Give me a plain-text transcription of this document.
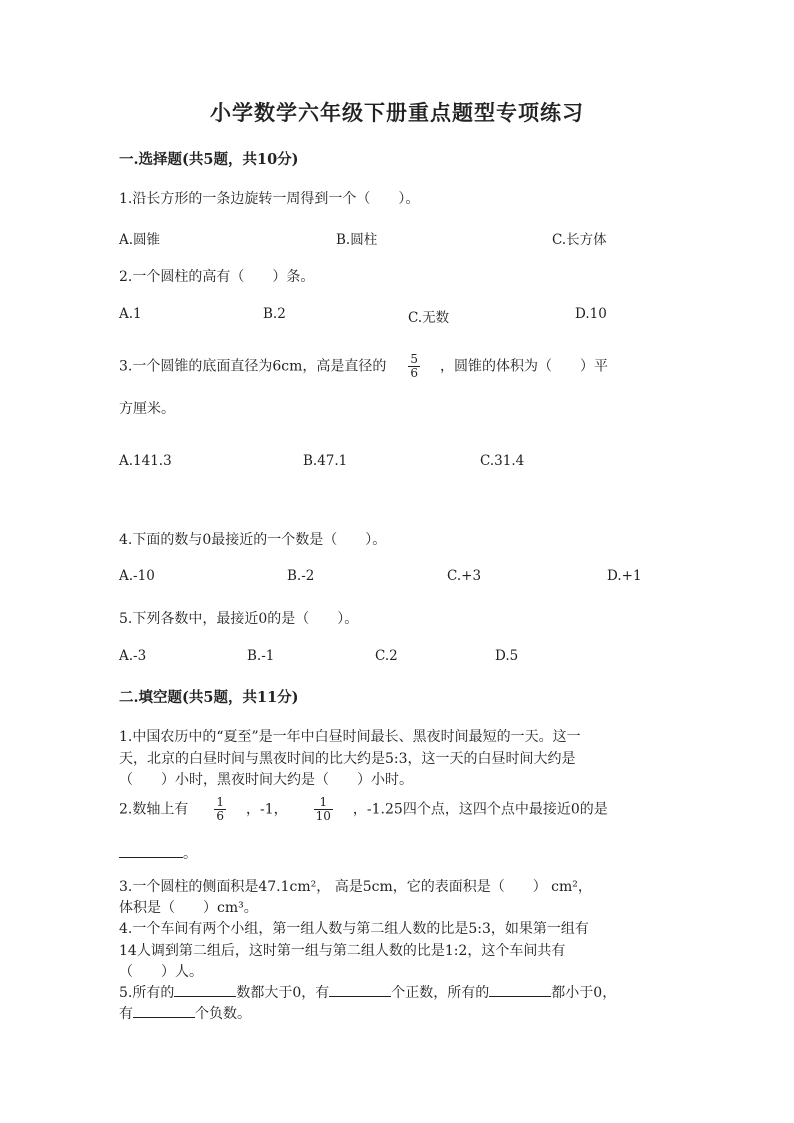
小学数学六年级下册重点题型专项练习
一.选择题(共5题，共10分)
1.沿长方形的一条边旋转一周得到一个（　　）。
A.圆锥	B.圆柱	C.长方体
2.一个圆柱的高有（　　）条。
A.1	B.2	C.无数	D.10
3.一个圆锥的底面直径为6cm，高是直径的 $\frac{5}{6}$ ，圆锥的体积为（　　）平
方厘米。
A.141.3	B.47.1	C.31.4
4.下面的数与0最接近的一个数是（　　）。
A.-10	B.-2	C.+3	D.+1
5.下列各数中，最接近0的是（　　）。
A.-3	B.-1	C.2	D.5
二.填空题(共5题，共11分)
1.中国农历中的“夏至”是一年中白昼时间最长、黑夜时间最短的一天。这一
天，北京的白昼时间与黑夜时间的比大约是5:3，这一天的白昼时间大约是
（　　）小时，黑夜时间大约是（　　）小时。
2.数轴上有 $\frac{1}{6}$ ，-1， $\frac{1}{10}$ ，-1.25四个点，这四个点中最接近0的是
。
3.一个圆柱的侧面积是47.1cm²， 高是5cm，它的表面积是（　　） cm²，
体积是（　　）cm³。
4.一个车间有两个小组，第一组人数与第二组人数的比是5:3，如果第一组有
14人调到第二组后，这时第一组与第二组人数的比是1:2，这个车间共有
（　　）人。
5.所有的	数都大于0，有	个正数，所有的	都小于0，
有	个负数。
